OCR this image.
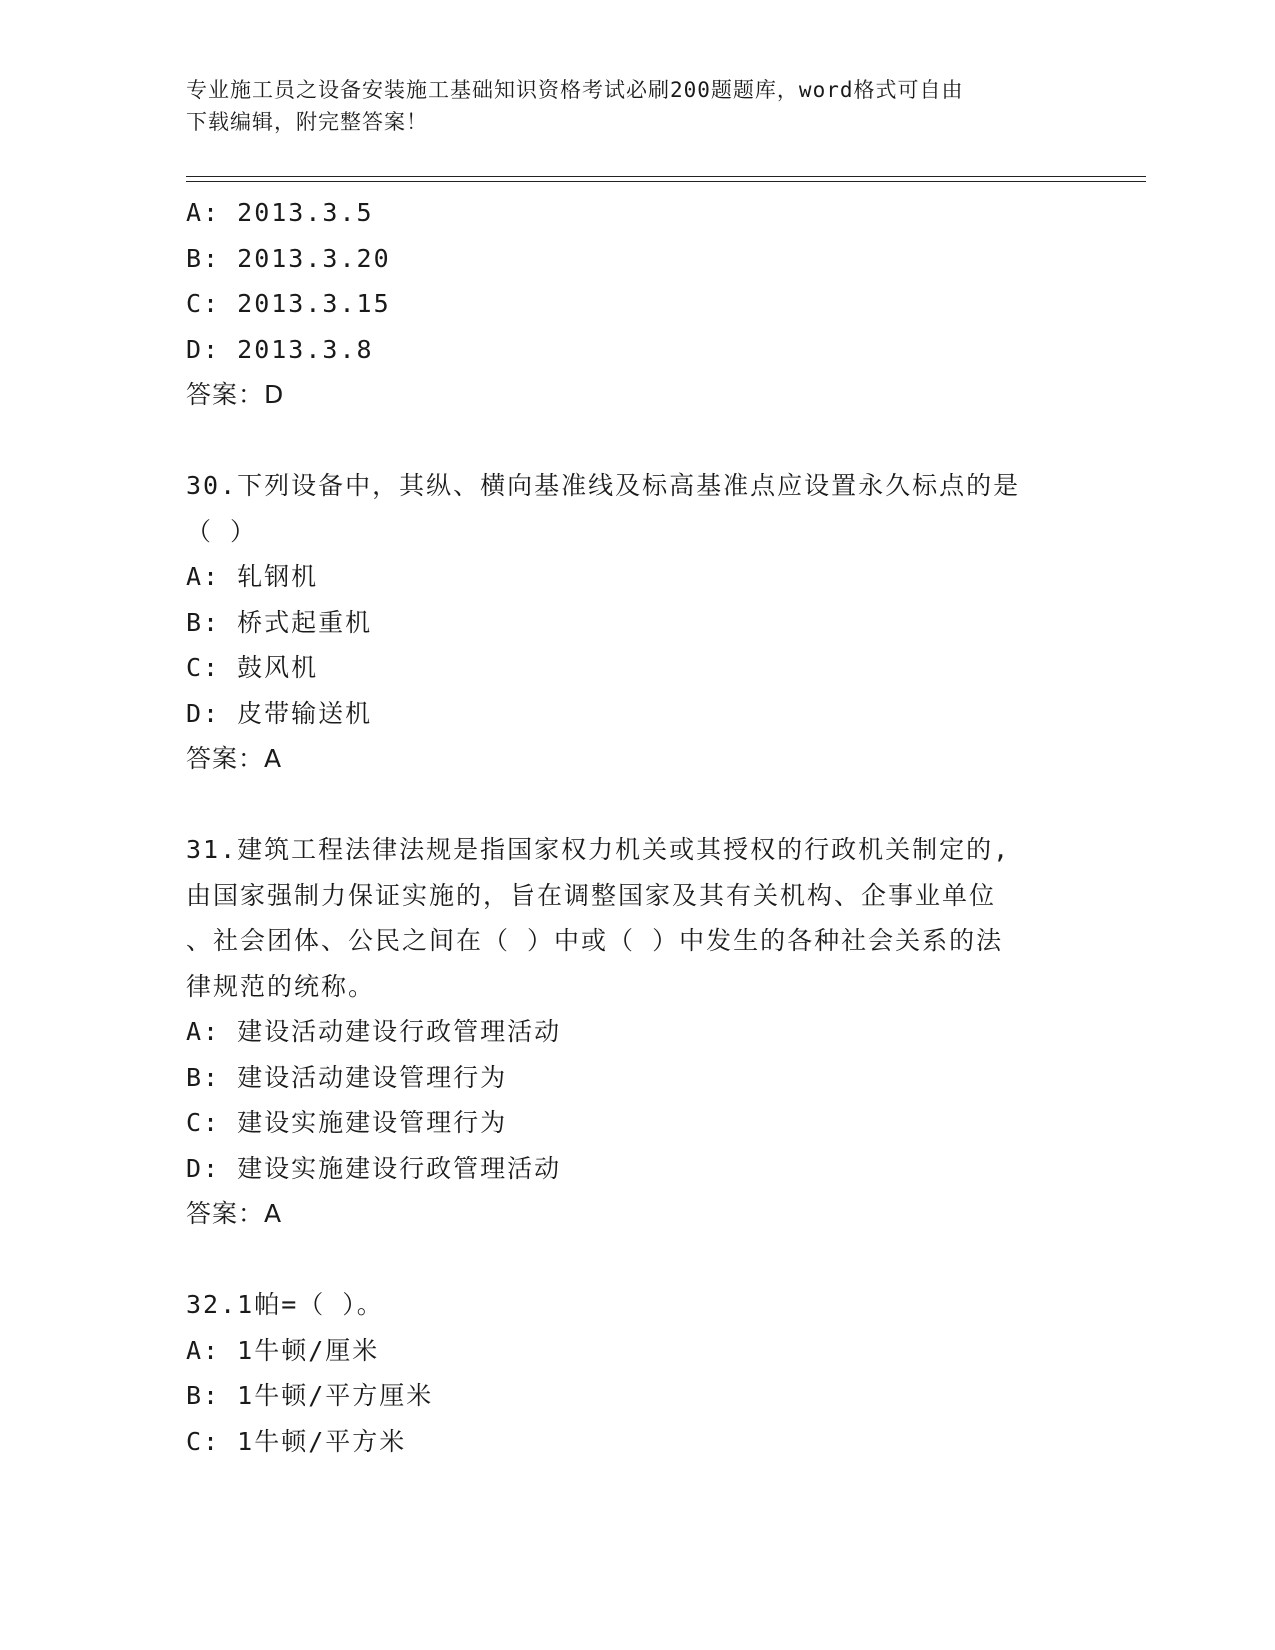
专业施工员之设备安装施工基础知识资格考试必刷200题题库，word格式可自由
下载编辑，附完整答案！
A: 2013.3.5
B: 2013.3.20
C: 2013.3.15
D: 2013.3.8
答案：D
30.下列设备中，其纵、横向基准线及标高基准点应设置永久标点的是
（ ）
A: 轧钢机
B: 桥式起重机
C: 鼓风机
D: 皮带输送机
答案：A
31.建筑工程法律法规是指国家权力机关或其授权的行政机关制定的,
由国家强制力保证实施的，旨在调整国家及其有关机构、企事业单位
、社会团体、公民之间在（ ）中或（ ）中发生的各种社会关系的法
律规范的统称。
A: 建设活动建设行政管理活动
B: 建设活动建设管理行为
C: 建设实施建设管理行为
D: 建设实施建设行政管理活动
答案：A
32.1帕=（ ）。
A: 1牛顿/厘米
B: 1牛顿/平方厘米
C: 1牛顿/平方米
